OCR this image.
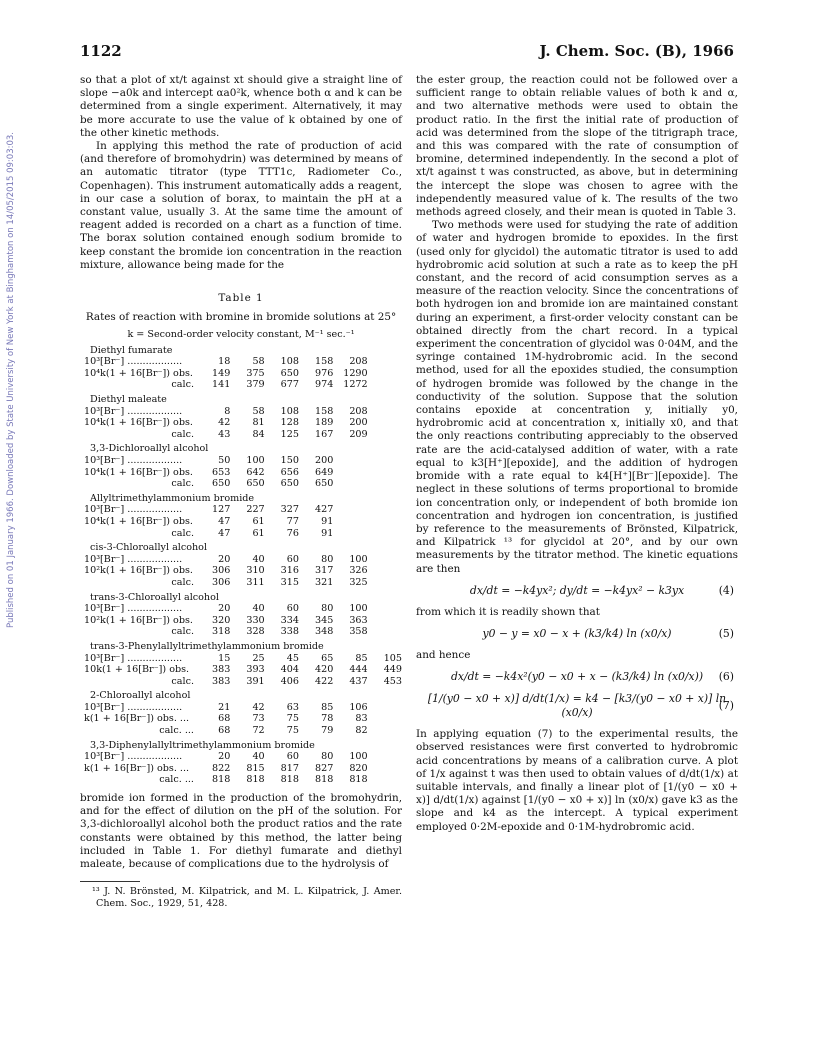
Published on 01 January 1966. Downloaded by State University of New York at Binghamton on 14/05/2015 09:03:03.
1122	J. Chem. Soc. (B), 1966

so that a plot of xt/t against xt should give a straight line of slope −a0k and intercept αa0²k, whence both α and k can be determined from a single experiment. Alternatively, it may be more accurate to use the value of k obtained by one of the other kinetic methods.

In applying this method the rate of production of acid (and therefore of bromohydrin) was determined by means of an automatic titrator (type TTT1c, Radiometer Co., Copenhagen). This instrument automatically adds a reagent, in our case a solution of borax, to maintain the pH at a constant value, usually 3. At the same time the amount of reagent added is recorded on a chart as a function of time. The borax solution contained enough sodium bromide to keep constant the bromide ion concentration in the reaction mixture, allowance being made for the

Table 1
Rates of reaction with bromine in bromide solutions at 25°
k = Second-order velocity constant, M⁻¹ sec.⁻¹
Diethyl fumarate
10³[Br⁻] ..................	18	58	108	158	208	
10⁴k(1 + 16[Br⁻]) obs.	149	375	650	976	1290	
calc.	141	379	677	974	1272	
Diethyl maleate
10³[Br⁻] ..................	8	58	108	158	208	
10⁴k(1 + 16[Br⁻]) obs.	42	81	128	189	200	
calc.	43	84	125	167	209	
3,3-Dichloroallyl alcohol
10³[Br⁻] ..................	50	100	150	200		
10⁴k(1 + 16[Br⁻]) obs.	653	642	656	649		
calc.	650	650	650	650		
Allyltrimethylammonium bromide
10³[Br⁻] ..................	127	227	327	427		
10⁴k(1 + 16[Br⁻]) obs.	47	61	77	91		
calc.	47	61	76	91		
cis-3-Chloroallyl alcohol
10³[Br⁻] ..................	20	40	60	80	100	
10²k(1 + 16[Br⁻]) obs.	306	310	316	317	326	
calc.	306	311	315	321	325	
trans-3-Chloroallyl alcohol
10³[Br⁻] ..................	20	40	60	80	100	
10²k(1 + 16[Br⁻]) obs.	320	330	334	345	363	
calc.	318	328	338	348	358	
trans-3-Phenylallyltrimethylammonium bromide
10³[Br⁻] ..................	15	25	45	65	85	105
10k(1 + 16[Br⁻]) obs.	383	393	404	420	444	449
calc.	383	391	406	422	437	453
2-Chloroallyl alcohol
10³[Br⁻] ..................	21	42	63	85	106	
k(1 + 16[Br⁻]) obs. ...	68	73	75	78	83	
calc. ...	68	72	75	79	82	
3,3-Diphenylallyltrimethylammonium bromide
10³[Br⁻] ..................	20	40	60	80	100	
k(1 + 16[Br⁻]) obs. ...	822	815	817	827	820	
calc. ...	818	818	818	818	818	

bromide ion formed in the production of the bromohydrin, and for the effect of dilution on the pH of the solution. For 3,3-dichloroallyl alcohol both the product ratios and the rate constants were obtained by this method, the latter being included in Table 1. For diethyl fumarate and diethyl maleate, because of complications due to the hydrolysis of

¹³ J. N. Brönsted, M. Kilpatrick, and M. L. Kilpatrick, J. Amer. Chem. Soc., 1929, 51, 428.

the ester group, the reaction could not be followed over a sufficient range to obtain reliable values of both k and α, and two alternative methods were used to obtain the product ratio. In the first the initial rate of production of acid was determined from the slope of the titrigraph trace, and this was compared with the rate of consumption of bromine, determined independently. In the second a plot of xt/t against t was constructed, as above, but in determining the intercept the slope was chosen to agree with the independently measured value of k. The results of the two methods agreed closely, and their mean is quoted in Table 3.

Two methods were used for studying the rate of addition of water and hydrogen bromide to epoxides. In the first (used only for glycidol) the automatic titrator is used to add hydrobromic acid solution at such a rate as to keep the pH constant, and the record of acid consumption serves as a measure of the reaction velocity. Since the concentrations of both hydrogen ion and bromide ion are maintained constant during an experiment, a first-order velocity constant can be obtained directly from the chart record. In a typical experiment the concentration of glycidol was 0·04M, and the syringe contained 1M-hydrobromic acid. In the second method, used for all the epoxides studied, the consumption of hydrogen bromide was followed by the change in the conductivity of the solution. Suppose that the solution contains epoxide at concentration y, initially y0, hydrobromic acid at concentration x, initially x0, and that the only reactions contributing appreciably to the observed rate are the acid-catalysed addition of water, with a rate equal to k3[H⁺][epoxide], and the addition of hydrogen bromide with a rate equal to k4[H⁺][Br⁻][epoxide]. The neglect in these solutions of terms proportional to bromide ion concentration only, or independent of both bromide ion concentration and hydrogen ion concentration, is justified by reference to the measurements of Brönsted, Kilpatrick, and Kilpatrick ¹³ for glycidol at 20°, and by our own measurements by the titrator method. The kinetic equations are then

dx/dt = −k4yx²; dy/dt = −k4yx² − k3yx	(4)

from which it is readily shown that

y0 − y = x0 − x + (k3/k4) ln (x0/x)	(5)

and hence

dx/dt = −k4x²(y0 − x0 + x − (k3/k4) ln (x0/x)) (6)
[1/(y0 − x0 + x)] d/dt(1/x) = k4 − [k3/(y0 − x0 + x)] ln (x0/x)
(7)

In applying equation (7) to the experimental results, the observed resistances were first converted to hydrobromic acid concentrations by means of a calibration curve. A plot of 1/x against t was then used to obtain values of d/dt(1/x) at suitable intervals, and finally a linear plot of [1/(y0 − x0 + x)] d/dt(1/x) against [1/(y0 − x0 + x)] ln (x0/x) gave k3 as the slope and k4 as the intercept. A typical experiment employed 0·2M-epoxide and 0·1M-hydrobromic acid.
